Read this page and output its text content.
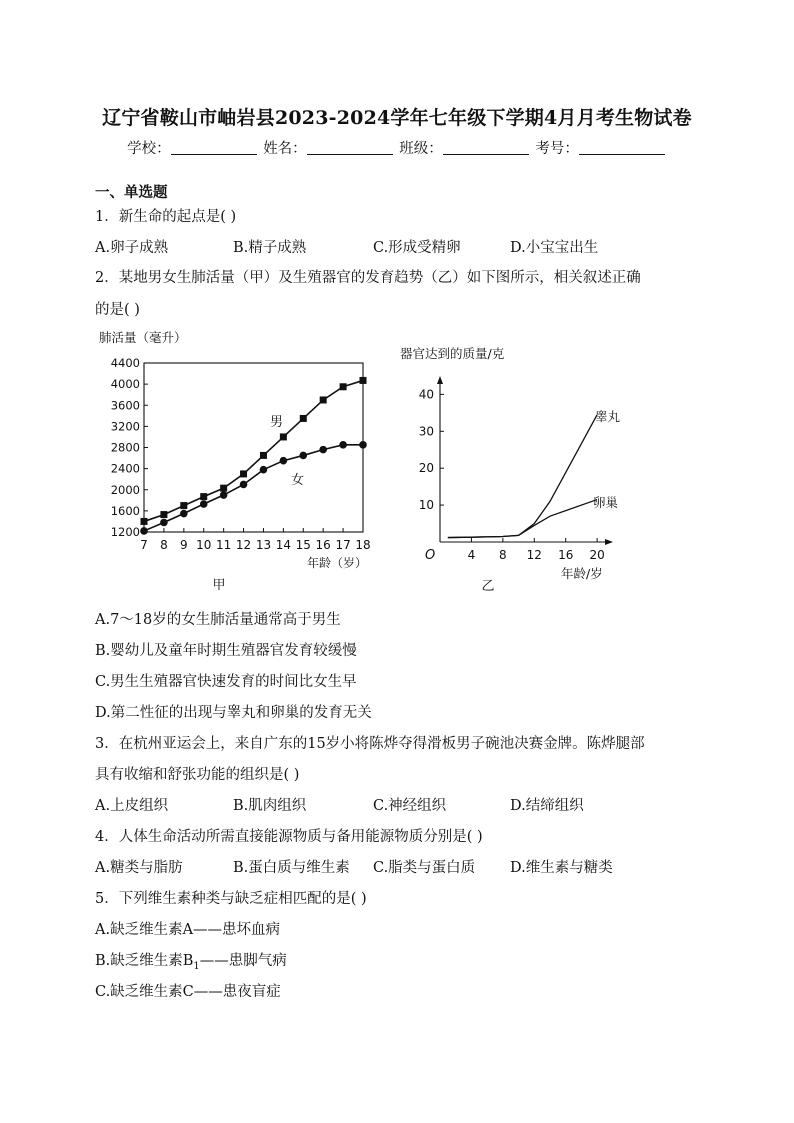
辽宁省鞍山市岫岩县2023-2024学年七年级下学期4月月考生物试卷
学校：	姓名：	班级：	考号：
一、单选题
1．新生命的起点是( )
A.卵子成熟	B.精子成熟	C.形成受精卵	D.小宝宝出生
2．某地男女生肺活量（甲）及生殖器官的发育趋势（乙）如下图所示，相关叙述正确
的是( )
肺活量（毫升）
4400
4000
3600
3200
2800
2400
2000
1600
1200
7 8 9 10 11 12 13 14 15 16 17 18
年龄（岁）
甲
男
女
器官达到的质量/克
40
30
20
10
4 8 12 16 20
O
年龄/岁
乙
睾丸
卵巢
A.7～18岁的女生肺活量通常高于男生
B.婴幼儿及童年时期生殖器官发育较缓慢
C.男生生殖器官快速发育的时间比女生早
D.第二性征的出现与睾丸和卵巢的发育无关
3．在杭州亚运会上，来自广东的15岁小将陈烨夺得滑板男子碗池决赛金牌。陈烨腿部
具有收缩和舒张功能的组织是( )
A.上皮组织	B.肌肉组织	C.神经组织	D.结缔组织
4．人体生命活动所需直接能源物质与备用能源物质分别是( )
A.糖类与脂肪	B.蛋白质与维生素 C.脂类与蛋白质 D.维生素与糖类
5．下列维生素种类与缺乏症相匹配的是( )
A.缺乏维生素A——患坏血病
B.缺乏维生素$B_1——$患脚气病
C.缺乏维生素C——患夜盲症
